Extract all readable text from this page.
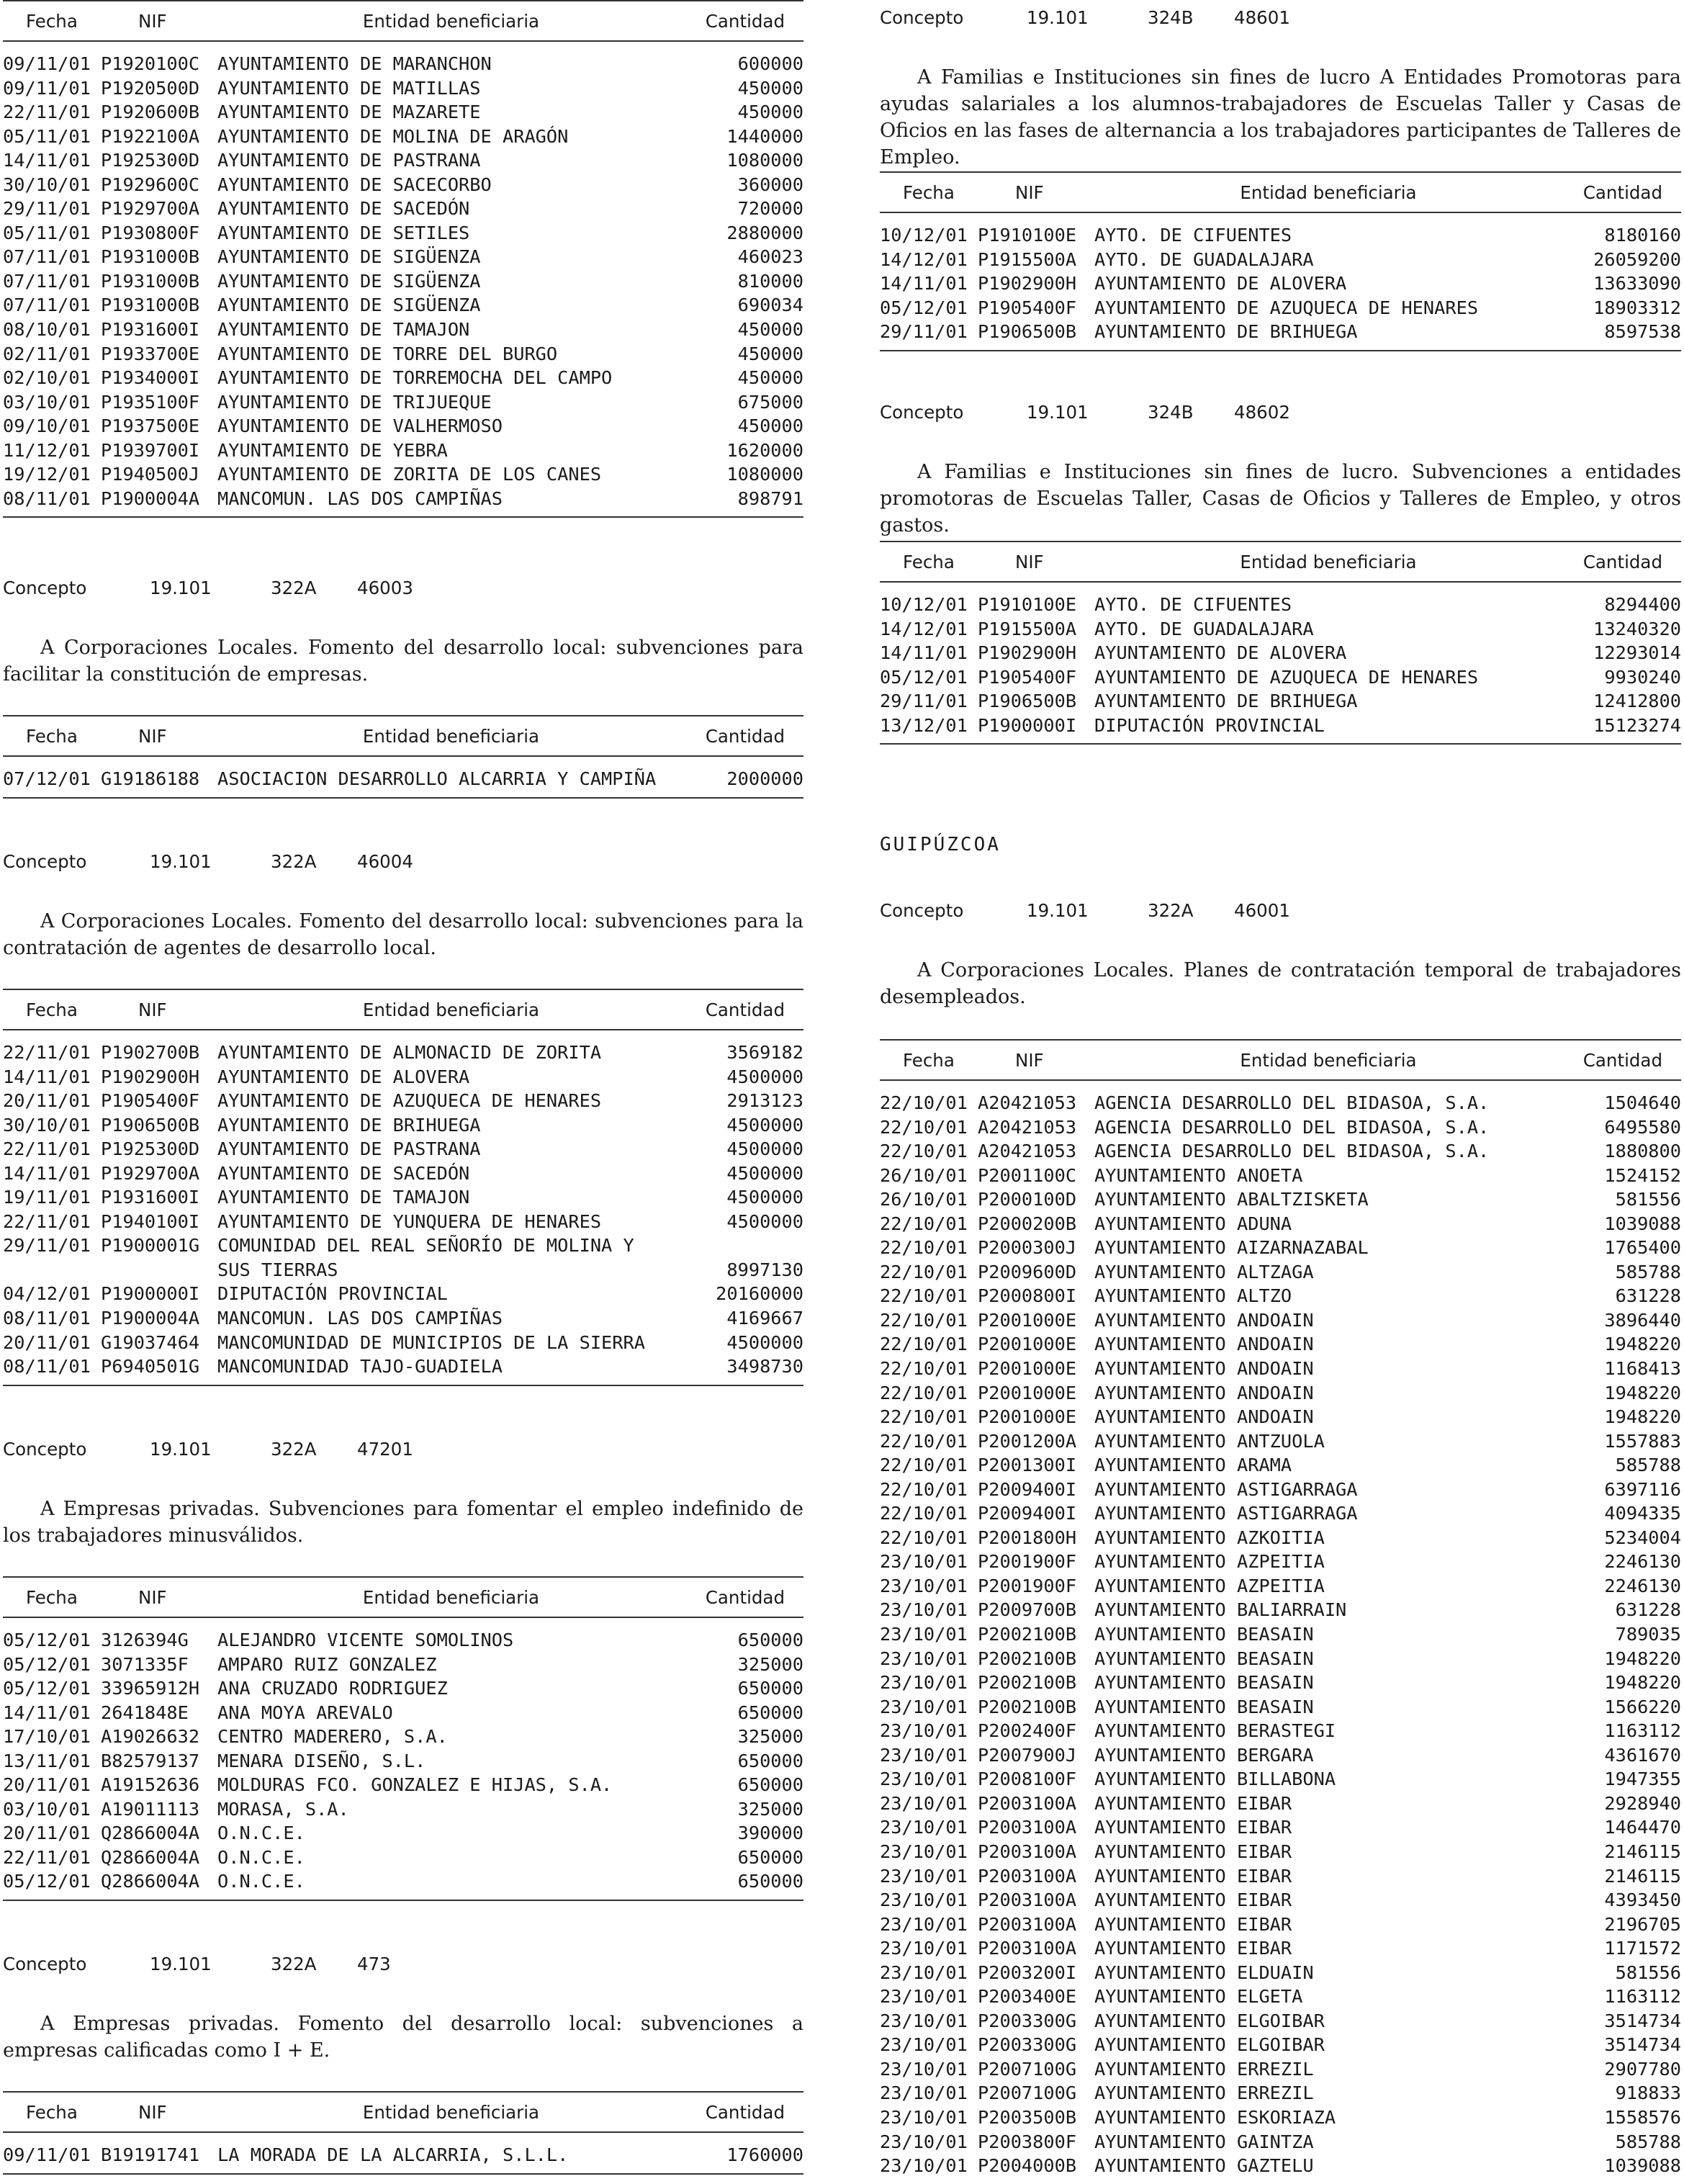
Fecha	NIF	Entidad beneficiaria	Cantidad
09/11/01 P1920100C AYUNTAMIENTO DE MARANCHON	600000
09/11/01 P1920500D AYUNTAMIENTO DE MATILLAS	450000
22/11/01 P1920600B AYUNTAMIENTO DE MAZARETE	450000
05/11/01 P1922100A AYUNTAMIENTO DE MOLINA DE ARAGÓN	1440000
14/11/01 P1925300D AYUNTAMIENTO DE PASTRANA	1080000
30/10/01 P1929600C AYUNTAMIENTO DE SACECORBO	360000
29/11/01 P1929700A AYUNTAMIENTO DE SACEDÓN	720000
05/11/01 P1930800F AYUNTAMIENTO DE SETILES	2880000
07/11/01 P1931000B AYUNTAMIENTO DE SIGÜENZA	460023
07/11/01 P1931000B AYUNTAMIENTO DE SIGÜENZA	810000
07/11/01 P1931000B AYUNTAMIENTO DE SIGÜENZA	690034
08/10/01 P1931600I AYUNTAMIENTO DE TAMAJON	450000
02/11/01 P1933700E AYUNTAMIENTO DE TORRE DEL BURGO	450000
02/10/01 P1934000I AYUNTAMIENTO DE TORREMOCHA DEL CAMPO	450000
03/10/01 P1935100F AYUNTAMIENTO DE TRIJUEQUE	675000
09/10/01 P1937500E AYUNTAMIENTO DE VALHERMOSO	450000
11/12/01 P1939700I AYUNTAMIENTO DE YEBRA	1620000
19/12/01 P1940500J AYUNTAMIENTO DE ZORITA DE LOS CANES	1080000
08/11/01 P1900004A MANCOMUN. LAS DOS CAMPIÑAS	898791
Concepto	19.101	322A	46003

A Corporaciones Locales. Fomento del desarrollo local: subvenciones para facilitar la constitución de empresas.

Fecha	NIF	Entidad beneficiaria	Cantidad
07/12/01 G19186188 ASOCIACION DESARROLLO ALCARRIA Y CAMPIÑA	2000000
Concepto	19.101	322A	46004

A Corporaciones Locales. Fomento del desarrollo local: subvenciones para la contratación de agentes de desarrollo local.

Fecha	NIF	Entidad beneficiaria	Cantidad
22/11/01 P1902700B AYUNTAMIENTO DE ALMONACID DE ZORITA	3569182
14/11/01 P1902900H AYUNTAMIENTO DE ALOVERA	4500000
20/11/01 P1905400F AYUNTAMIENTO DE AZUQUECA DE HENARES	2913123
30/10/01 P1906500B AYUNTAMIENTO DE BRIHUEGA	4500000
22/11/01 P1925300D AYUNTAMIENTO DE PASTRANA	4500000
14/11/01 P1929700A AYUNTAMIENTO DE SACEDÓN	4500000
19/11/01 P1931600I AYUNTAMIENTO DE TAMAJON	4500000
22/11/01 P1940100I AYUNTAMIENTO DE YUNQUERA DE HENARES	4500000
29/11/01 P1900001G COMUNIDAD DEL REAL SEÑORÍO DE MOLINA Y
SUS TIERRAS	8997130
04/12/01 P1900000I DIPUTACIÓN PROVINCIAL	20160000
08/11/01 P1900004A MANCOMUN. LAS DOS CAMPIÑAS	4169667
20/11/01 G19037464 MANCOMUNIDAD DE MUNICIPIOS DE LA SIERRA	4500000
08/11/01 P6940501G MANCOMUNIDAD TAJO-GUADIELA	3498730
Concepto	19.101	322A	47201

A Empresas privadas. Subvenciones para fomentar el empleo indefinido de los trabajadores minusválidos.

Fecha	NIF	Entidad beneficiaria	Cantidad
05/12/01 3126394G	ALEJANDRO VICENTE SOMOLINOS	650000
05/12/01 3071335F	AMPARO RUIZ GONZALEZ	325000
05/12/01 33965912H ANA CRUZADO RODRIGUEZ	650000
14/11/01 2641848E	ANA MOYA AREVALO	650000
17/10/01 A19026632 CENTRO MADERERO, S.A.	325000
13/11/01 B82579137 MENARA DISEÑO, S.L.	650000
20/11/01 A19152636 MOLDURAS FCO. GONZALEZ E HIJAS, S.A.	650000
03/10/01 A19011113 MORASA, S.A.	325000
20/11/01 Q2866004A O.N.C.E.	390000
22/11/01 Q2866004A O.N.C.E.	650000
05/12/01 Q2866004A O.N.C.E.	650000
Concepto	19.101	322A	473

A Empresas privadas. Fomento del desarrollo local: subvenciones a empresas calificadas como I + E.

Fecha	NIF	Entidad beneficiaria	Cantidad
09/11/01 B19191741 LA MORADA DE LA ALCARRIA, S.L.L.	1760000
Concepto	19.101	324B	48601

A Familias e Instituciones sin fines de lucro A Entidades Promotoras para ayudas salariales a los alumnos-trabajadores de Escuelas Taller y Casas de Oficios en las fases de alternancia a los trabajadores participantes de Talleres de Empleo.

Fecha	NIF	Entidad beneficiaria	Cantidad
10/12/01 P1910100E AYTO. DE CIFUENTES	8180160
14/12/01 P1915500A AYTO. DE GUADALAJARA	26059200
14/11/01 P1902900H AYUNTAMIENTO DE ALOVERA	13633090
05/12/01 P1905400F AYUNTAMIENTO DE AZUQUECA DE HENARES	18903312
29/11/01 P1906500B AYUNTAMIENTO DE BRIHUEGA	8597538
Concepto	19.101	324B	48602

A Familias e Instituciones sin fines de lucro. Subvenciones a entidades promotoras de Escuelas Taller, Casas de Oficios y Talleres de Empleo, y otros gastos.

Fecha	NIF	Entidad beneficiaria	Cantidad
10/12/01 P1910100E AYTO. DE CIFUENTES	8294400
14/12/01 P1915500A AYTO. DE GUADALAJARA	13240320
14/11/01 P1902900H AYUNTAMIENTO DE ALOVERA	12293014
05/12/01 P1905400F AYUNTAMIENTO DE AZUQUECA DE HENARES	9930240
29/11/01 P1906500B AYUNTAMIENTO DE BRIHUEGA	12412800
13/12/01 P1900000I DIPUTACIÓN PROVINCIAL	15123274
GUIPÚZCOA
Concepto	19.101	322A	46001

A Corporaciones Locales. Planes de contratación temporal de trabajadores desempleados.

Fecha	NIF	Entidad beneficiaria	Cantidad
22/10/01 A20421053 AGENCIA DESARROLLO DEL BIDASOA, S.A.	1504640
22/10/01 A20421053 AGENCIA DESARROLLO DEL BIDASOA, S.A.	6495580
22/10/01 A20421053 AGENCIA DESARROLLO DEL BIDASOA, S.A.	1880800
26/10/01 P2001100C AYUNTAMIENTO ANOETA	1524152
26/10/01 P2000100D AYUNTAMIENTO ABALTZISKETA	581556
22/10/01 P2000200B AYUNTAMIENTO ADUNA	1039088
22/10/01 P2000300J AYUNTAMIENTO AIZARNAZABAL	1765400
22/10/01 P2009600D AYUNTAMIENTO ALTZAGA	585788
22/10/01 P2000800I AYUNTAMIENTO ALTZO	631228
22/10/01 P2001000E AYUNTAMIENTO ANDOAIN	3896440
22/10/01 P2001000E AYUNTAMIENTO ANDOAIN	1948220
22/10/01 P2001000E AYUNTAMIENTO ANDOAIN	1168413
22/10/01 P2001000E AYUNTAMIENTO ANDOAIN	1948220
22/10/01 P2001000E AYUNTAMIENTO ANDOAIN	1948220
22/10/01 P2001200A AYUNTAMIENTO ANTZUOLA	1557883
22/10/01 P2001300I AYUNTAMIENTO ARAMA	585788
22/10/01 P2009400I AYUNTAMIENTO ASTIGARRAGA	6397116
22/10/01 P2009400I AYUNTAMIENTO ASTIGARRAGA	4094335
22/10/01 P2001800H AYUNTAMIENTO AZKOITIA	5234004
23/10/01 P2001900F AYUNTAMIENTO AZPEITIA	2246130
23/10/01 P2001900F AYUNTAMIENTO AZPEITIA	2246130
23/10/01 P2009700B AYUNTAMIENTO BALIARRAIN	631228
23/10/01 P2002100B AYUNTAMIENTO BEASAIN	789035
23/10/01 P2002100B AYUNTAMIENTO BEASAIN	1948220
23/10/01 P2002100B AYUNTAMIENTO BEASAIN	1948220
23/10/01 P2002100B AYUNTAMIENTO BEASAIN	1566220
23/10/01 P2002400F AYUNTAMIENTO BERASTEGI	1163112
23/10/01 P2007900J AYUNTAMIENTO BERGARA	4361670
23/10/01 P2008100F AYUNTAMIENTO BILLABONA	1947355
23/10/01 P2003100A AYUNTAMIENTO EIBAR	2928940
23/10/01 P2003100A AYUNTAMIENTO EIBAR	1464470
23/10/01 P2003100A AYUNTAMIENTO EIBAR	2146115
23/10/01 P2003100A AYUNTAMIENTO EIBAR	2146115
23/10/01 P2003100A AYUNTAMIENTO EIBAR	4393450
23/10/01 P2003100A AYUNTAMIENTO EIBAR	2196705
23/10/01 P2003100A AYUNTAMIENTO EIBAR	1171572
23/10/01 P2003200I AYUNTAMIENTO ELDUAIN	581556
23/10/01 P2003400E AYUNTAMIENTO ELGETA	1163112
23/10/01 P2003300G AYUNTAMIENTO ELGOIBAR	3514734
23/10/01 P2003300G AYUNTAMIENTO ELGOIBAR	3514734
23/10/01 P2007100G AYUNTAMIENTO ERREZIL	2907780
23/10/01 P2007100G AYUNTAMIENTO ERREZIL	918833
23/10/01 P2003500B AYUNTAMIENTO ESKORIAZA	1558576
23/10/01 P2003800F AYUNTAMIENTO GAINTZA	585788
23/10/01 P2004000B AYUNTAMIENTO GAZTELU	1039088
